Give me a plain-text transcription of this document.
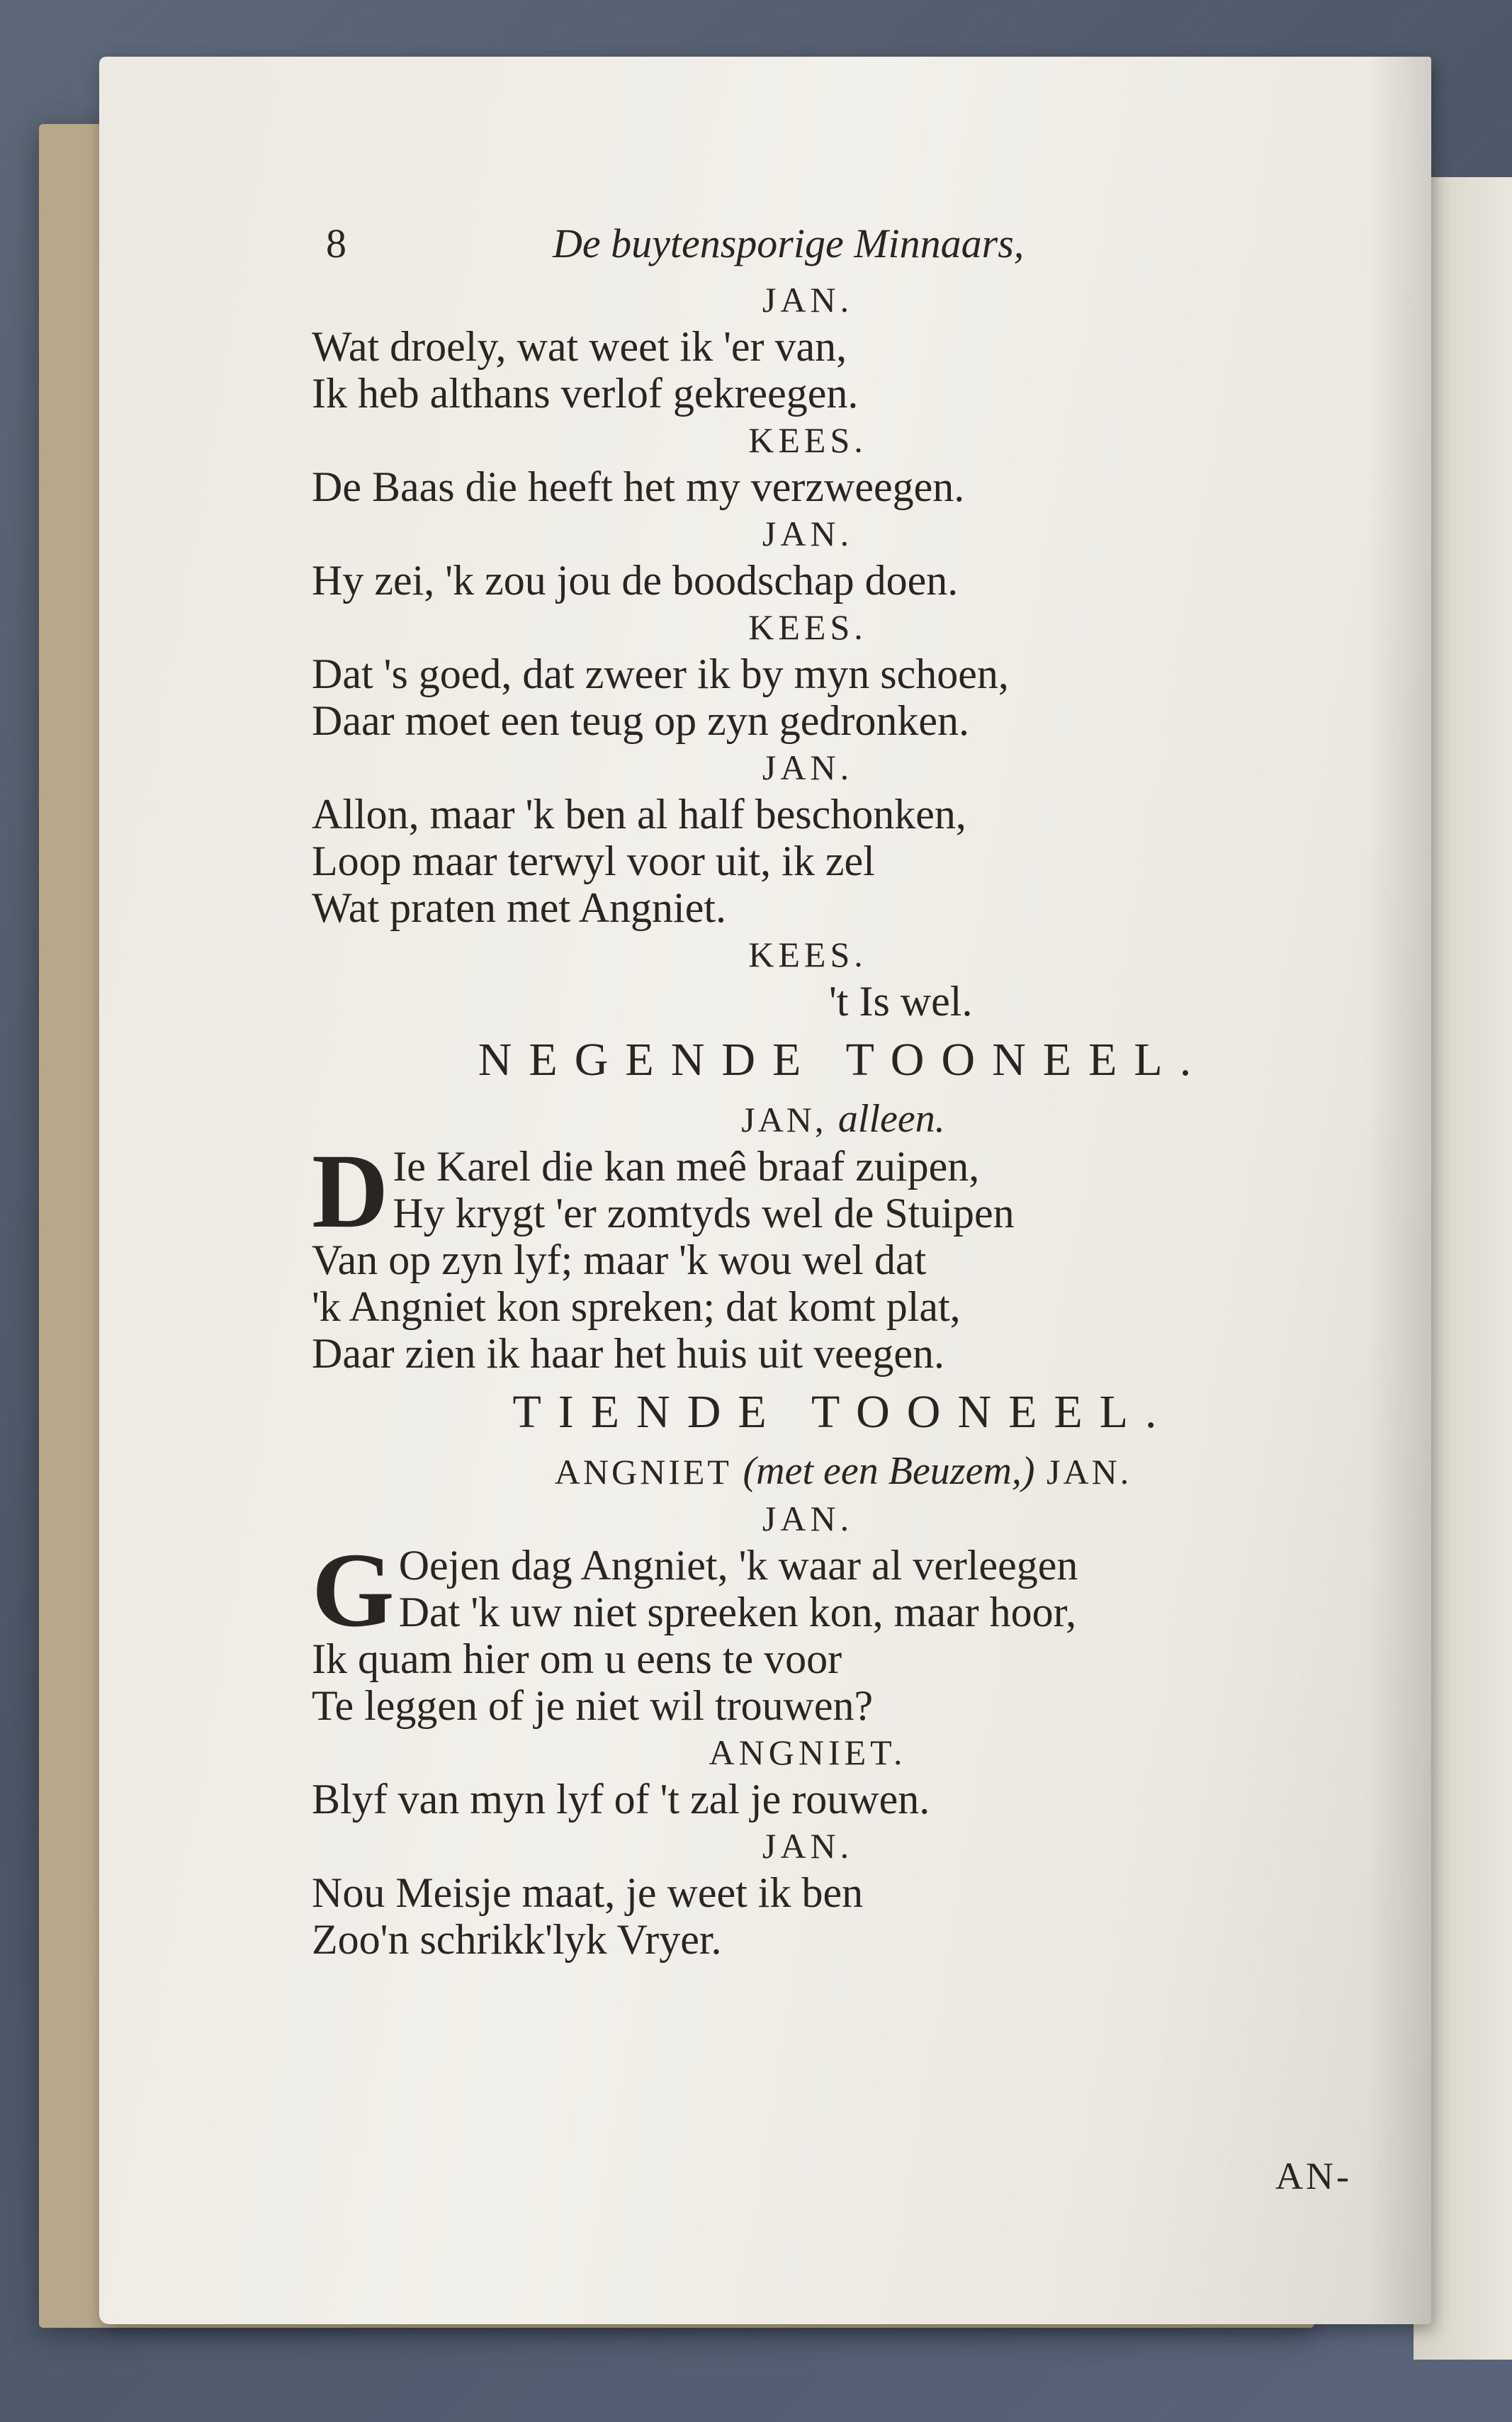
8	De buytensporige Minnaars,
JAN.
Wat droely, wat weet ik 'er van,
Ik heb althans verlof gekreegen.
KEES.
De Baas die heeft het my verzweegen.
JAN.
Hy zei, 'k zou jou de boodschap doen.
KEES.
Dat 's goed, dat zweer ik by myn schoen,
Daar moet een teug op zyn gedronken.
JAN.
Allon, maar 'k ben al half beschonken,
Loop maar terwyl voor uit, ik zel
Wat praten met Angniet.
KEES.
't Is wel.
NEGENDE TOONEEL.
JAN, alleen.
D Ie Karel die kan meê braaf zuipen,
Hy krygt 'er zomtyds wel de Stuipen
Van op zyn lyf; maar 'k wou wel dat
'k Angniet kon spreken; dat komt plat,
Daar zien ik haar het huis uit veegen.
TIENDE TOONEEL.
ANGNIET (met een Beuzem,) JAN.
JAN.
G Oejen dag Angniet, 'k waar al verleegen
Dat 'k uw niet spreeken kon, maar hoor,
Ik quam hier om u eens te voor
Te leggen of je niet wil trouwen?
ANGNIET.
Blyf van myn lyf of 't zal je rouwen.
JAN.
Nou Meisje maat, je weet ik ben
Zoo'n schrikk'lyk Vryer.
AN-
